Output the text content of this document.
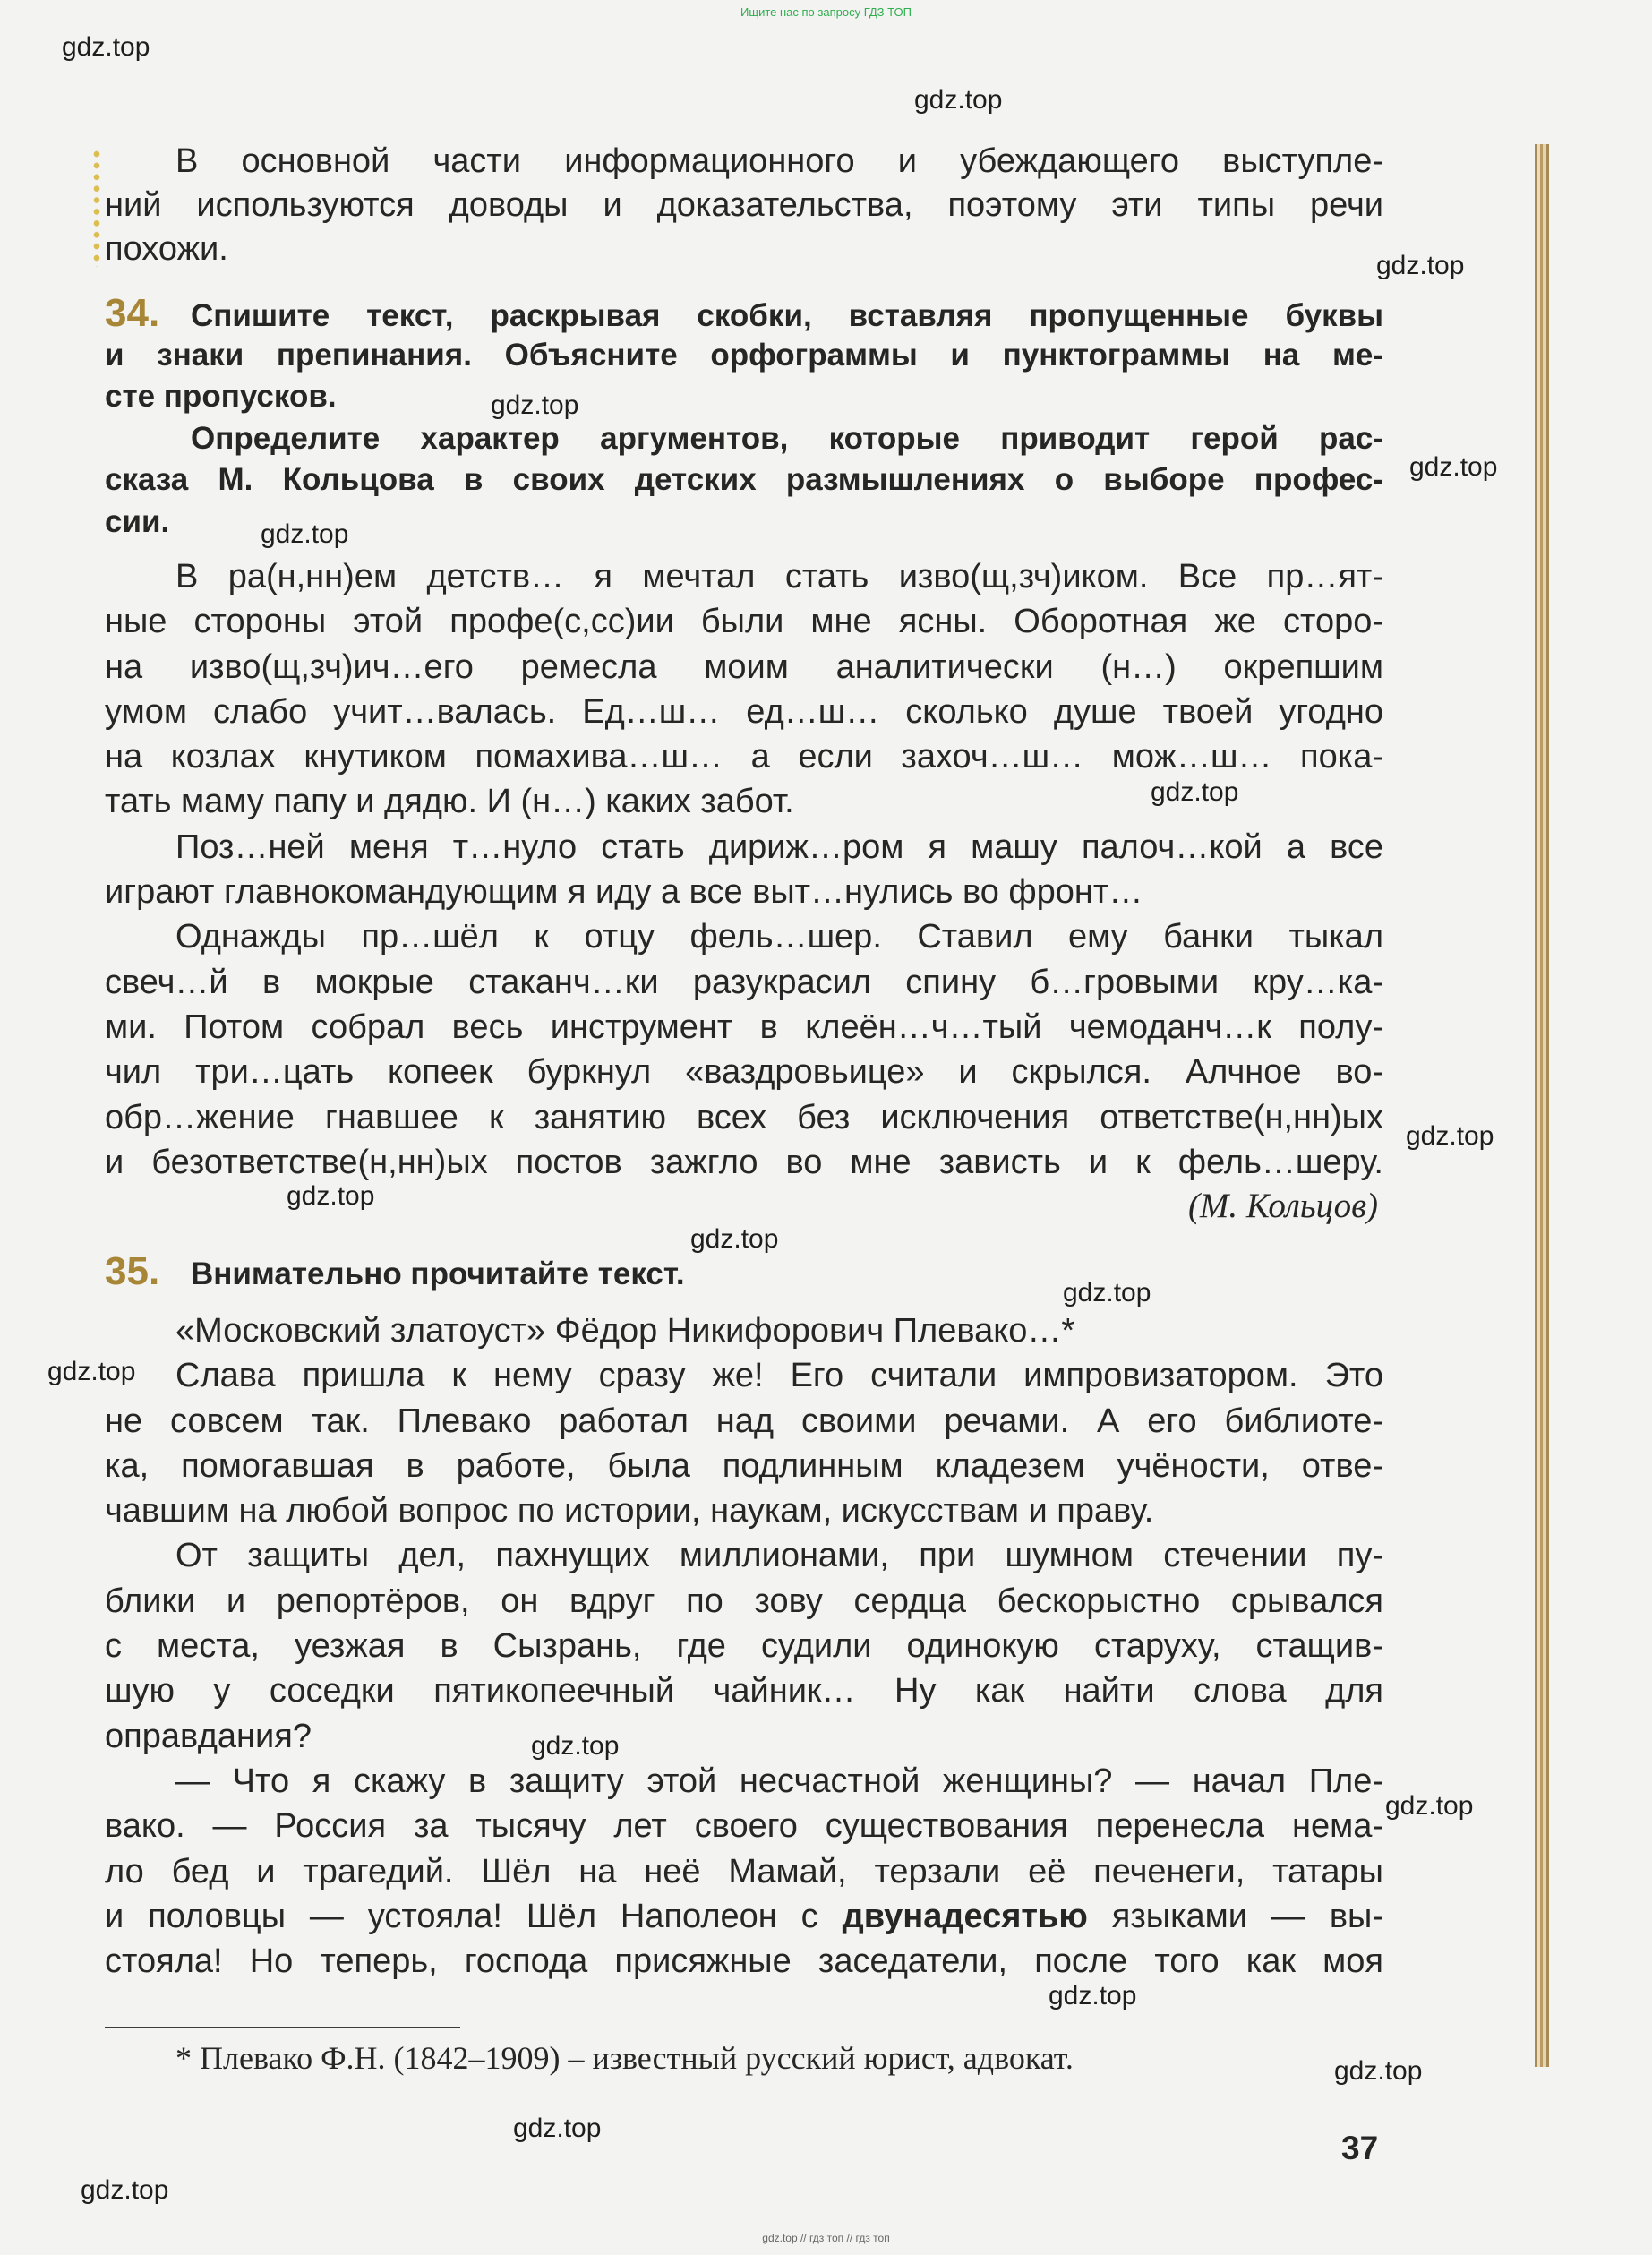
Ищите нас по запросу ГДЗ ТОП
gdz.top
gdz.top
gdz.top
gdz.top
gdz.top
gdz.top
gdz.top
gdz.top
gdz.top
gdz.top
gdz.top
gdz.top
gdz.top
gdz.top
gdz.top
gdz.top
gdz.top
gdz.top
В основной части информационного и убеждающего выступле-
ний используются доводы и доказательства, поэтому эти типы речи
похожи.
34. Спишите текст, раскрывая скобки, вставляя пропущенные буквы
и знаки препинания. Объясните орфограммы и пунктограммы на ме-
сте пропусков.
Определите характер аргументов, которые приводит герой рас-
сказа М. Кольцова в своих детских размышлениях о выборе профес-
сии.
В ра(н,нн)ем детств… я мечтал стать изво(щ,зч)иком. Все пр…ят-
ные стороны этой профе(с,сс)ии были мне ясны. Оборотная же сторо-
на изво(щ,зч)ич…его ремесла моим аналитически (н…) окрепшим
умом слабо учит…валась. Ед…ш… ед…ш… сколько душе твоей угодно
на козлах кнутиком помахива…ш… а если захоч…ш… мож…ш… пока-
тать маму папу и дядю. И (н…) каких забот.
Поз…ней меня т…нуло стать дириж…ром я машу палоч…кой а все
играют главнокомандующим я иду а все выт…нулись во фронт…
Однажды пр…шёл к отцу фель…шер. Ставил ему банки тыкал
свеч…й в мокрые стаканч…ки разукрасил спину б…гровыми кру…ка-
ми. Потом собрал весь инструмент в клеён…ч…тый чемоданч…к полу-
чил три…цать копеек буркнул «ваздровьице» и скрылся. Алчное во-
обр…жение гнавшее к занятию всех без исключения ответстве(н,нн)ых
и безответстве(н,нн)ых постов зажгло во мне зависть и к фель…шеру.
(М. Кольцов)
35. Внимательно прочитайте текст.
«Московский златоуст» Фёдор Никифорович Плевако…*
Слава пришла к нему сразу же! Его считали импровизатором. Это
не совсем так. Плевако работал над своими речами. А его библиоте-
ка, помогавшая в работе, была подлинным кладезем учёности, отве-
чавшим на любой вопрос по истории, наукам, искусствам и праву.
От защиты дел, пахнущих миллионами, при шумном стечении пу-
блики и репортёров, он вдруг по зову сердца бескорыстно срывался
с места, уезжая в Сызрань, где судили одинокую старуху, стащив-
шую у соседки пятикопеечный чайник… Ну как найти слова для
оправдания?
— Что я скажу в защиту этой несчастной женщины? — начал Пле-
вако. — Россия за тысячу лет своего существования перенесла нема-
ло бед и трагедий. Шёл на неё Мамай, терзали её печенеги, татары
и половцы — устояла! Шёл Наполеон с двунадесятью языками — вы-
стояла! Но теперь, господа присяжные заседатели, после того как моя
* Плевако Ф.Н. (1842–1909) – известный русский юрист, адвокат.
37
gdz.top // гдз топ // гдз топ
